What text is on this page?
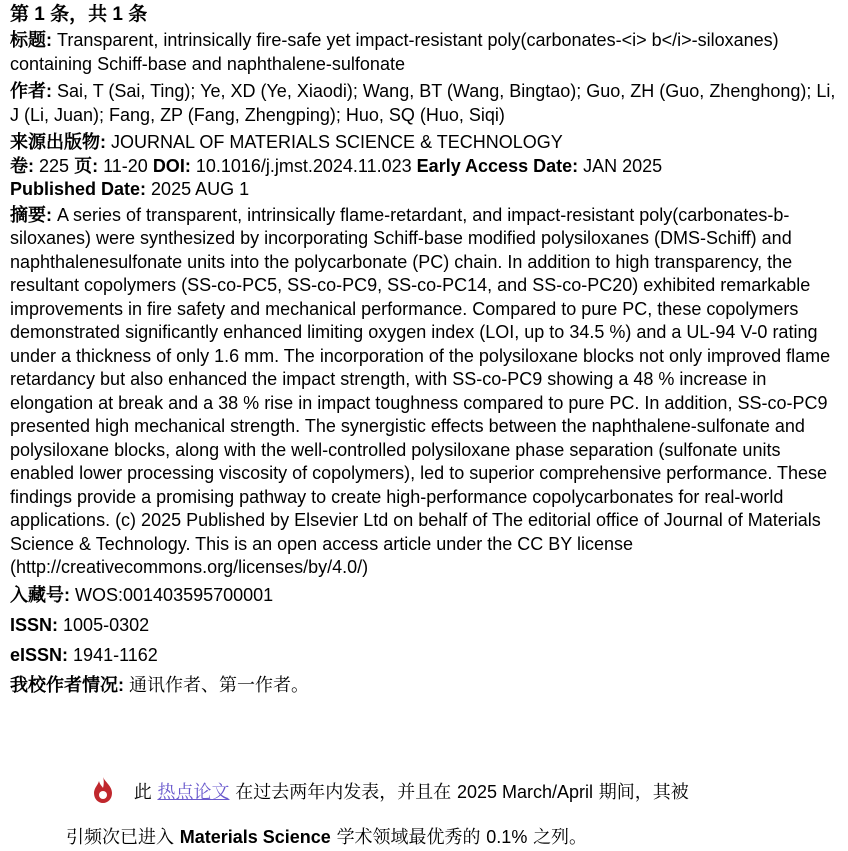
第 1 条，共 1 条

标题: Transparent, intrinsically fire-safe yet impact-resistant poly(carbonates-<i> b</i>-siloxanes) containing Schiff-base and naphthalene-sulfonate

作者: Sai, T (Sai, Ting); Ye, XD (Ye, Xiaodi); Wang, BT (Wang, Bingtao); Guo, ZH (Guo, Zhenghong); Li, J (Li, Juan); Fang, ZP (Fang, Zhengping); Huo, SQ (Huo, Siqi)

来源出版物: JOURNAL OF MATERIALS SCIENCE & TECHNOLOGY

卷: 225 页: 11-20 DOI: 10.1016/j.jmst.2024.11.023 Early Access Date: JAN 2025

Published Date: 2025 AUG 1

摘要: A series of transparent, intrinsically flame-retardant, and impact-resistant poly(carbonates-b-siloxanes) were synthesized by incorporating Schiff-base modified polysiloxanes (DMS-Schiff) and naphthalenesulfonate units into the polycarbonate (PC) chain. In addition to high transparency, the resultant copolymers (SS-co-PC5, SS-co-PC9, SS-co-PC14, and SS-co-PC20) exhibited remarkable improvements in fire safety and mechanical performance. Compared to pure PC, these copolymers demonstrated significantly enhanced limiting oxygen index (LOI, up to 34.5 %) and a UL-94 V-0 rating under a thickness of only 1.6 mm. The incorporation of the polysiloxane blocks not only improved flame retardancy but also enhanced the impact strength, with SS-co-PC9 showing a 48 % increase in elongation at break and a 38 % rise in impact toughness compared to pure PC. In addition, SS-co-PC9 presented high mechanical strength. The synergistic effects between the naphthalene-sulfonate and polysiloxane blocks, along with the well-controlled polysiloxane phase separation (sulfonate units enabled lower processing viscosity of copolymers), led to superior comprehensive performance. These findings provide a promising pathway to create high-performance copolycarbonates for real-world applications. (c) 2025 Published by Elsevier Ltd on behalf of The editorial office of Journal of Materials Science & Technology. This is an open access article under the CC BY license (http://creativecommons.org/licenses/by/4.0/)

入藏号: WOS:001403595700001

ISSN: 1005-0302

eISSN: 1941-1162

我校作者情况: 通讯作者、第一作者。

此 热点论文 在过去两年内发表，并且在 2025 March/April 期间，其被
引频次已进入 Materials Science 学术领域最优秀的 0.1% 之列。
